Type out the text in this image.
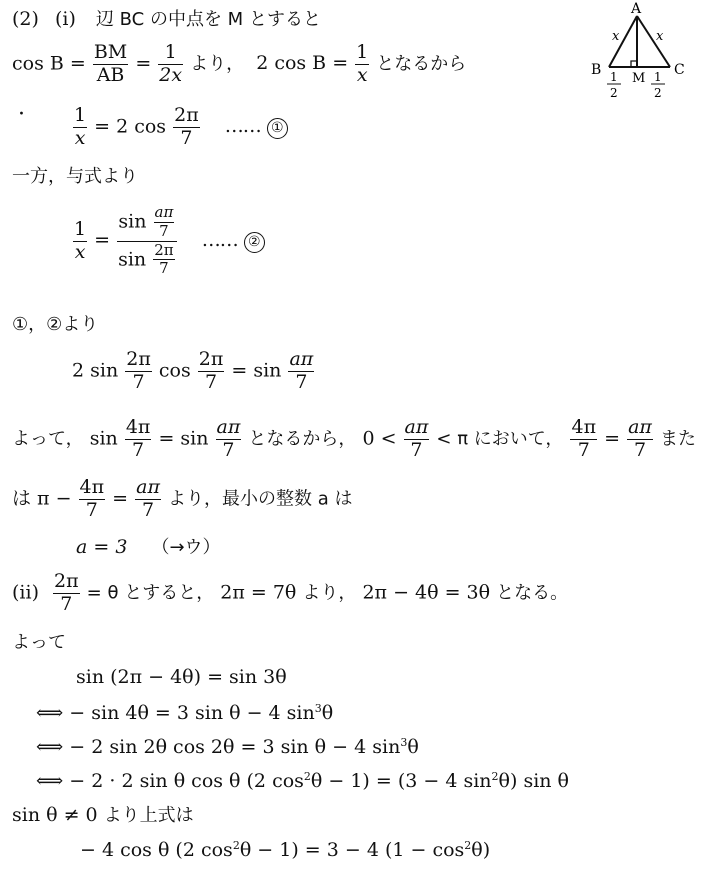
(2) (i) 辺 BC の中点を M とすると
$\cos B = \frac{BM}{AB} = \frac{1}{2x}$ より， 2 $\cos B = \frac{1}{x}$ となるから
·	$\frac{1}{x} = 2$ $\cos \frac{2\pi}{7}$ …… ①
一方，与式より
$\frac{1}{x} = \frac{\sin \frac{a\pi}{7}}{\sin \frac{2\pi}{7}}$ …… ②
①，②より
2 $\sin \frac{2\pi}{7}$ $\cos \frac{2\pi}{7} = \sin \frac{a\pi}{7}$
よって， $\sin \frac{4\pi}{7} = \sin \frac{a\pi}{7}$ となるから， $0 < \frac{a\pi}{7} < \pi$ において， $\frac{4\pi}{7} = \frac{a\pi}{7}$ また
は $\pi - \frac{4\pi}{7} = \frac{a\pi}{7}$ より，最小の整数 a は
a = 3 （→ウ）
$(ii) \frac{2\pi}{7} = \theta$ とすると， 2π = 7θ より， 2π − 4θ = 3θ となる。
よって
sin (2π − 4θ) = sin 3θ
⟺ − sin 4θ = 3 sin θ − 4 $\sin^3\theta$
⟺ − 2 sin 2θ cos 2θ = 3 sin θ − 4 $\sin^3\theta$
⟺ − 2 · 2 sin θ cos θ (2 $\cos^2\theta - 1) = (3 - 4$ $\sin^2\theta$) sin θ
sin θ ≠ 0 より上式は
− 4 cos θ (2 $\cos^2\theta - 1) = 3 - 4$ $(1 - \cos^2\theta)$
A
B	C
M
x	x
1
2
1
2
